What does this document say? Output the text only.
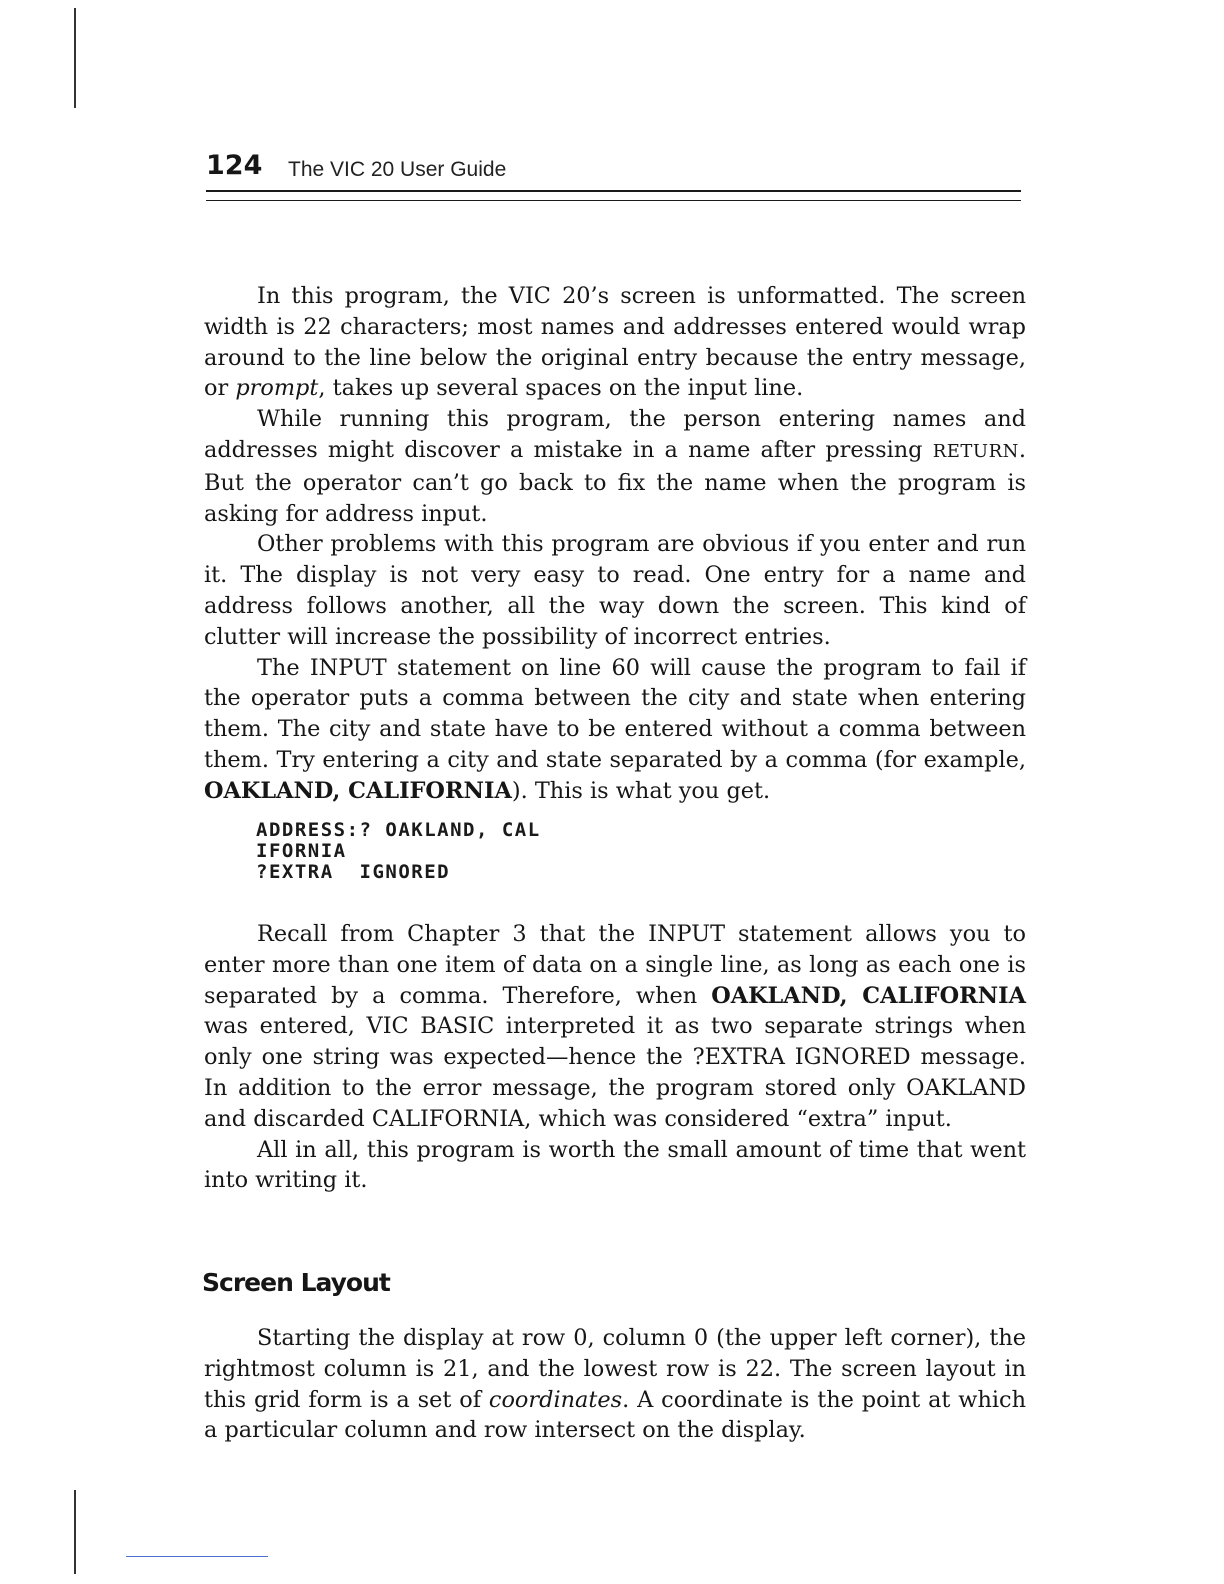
124 The VIC 20 User Guide

In this program, the VIC 20’s screen is unformatted. The screen width is 22 characters; most names and addresses entered would wrap around to the line below the original entry because the entry message, or prompt, takes up several spaces on the input line.

While running this program, the person entering names and addresses might discover a mistake in a name after pressing RETURN. But the operator can’t go back to fix the name when the program is asking for address input.

Other problems with this program are obvious if you enter and run it. The display is not very easy to read. One entry for a name and address follows another, all the way down the screen. This kind of clutter will increase the possibility of incorrect entries.

The INPUT statement on line 60 will cause the program to fail if the operator puts a comma between the city and state when entering them. The city and state have to be entered without a comma between them. Try entering a city and state separated by a comma (for example, OAKLAND, CALIFORNIA). This is what you get.

ADDRESS:? OAKLAND, CAL
IFORNIA
?EXTRA  IGNORED

Recall from Chapter 3 that the INPUT statement allows you to enter more than one item of data on a single line, as long as each one is separated by a comma. Therefore, when OAKLAND, CALIFORNIA was entered, VIC BASIC interpreted it as two separate strings when only one string was expected—hence the ?EXTRA IGNORED message. In addition to the error message, the program stored only OAKLAND and discarded CALIFORNIA, which was considered “extra” input.

All in all, this program is worth the small amount of time that went into writing it.

Screen Layout

Starting the display at row 0, column 0 (the upper left corner), the rightmost column is 21, and the lowest row is 22. The screen layout in this grid form is a set of coordinates. A coordinate is the point at which a particular column and row intersect on the display.
